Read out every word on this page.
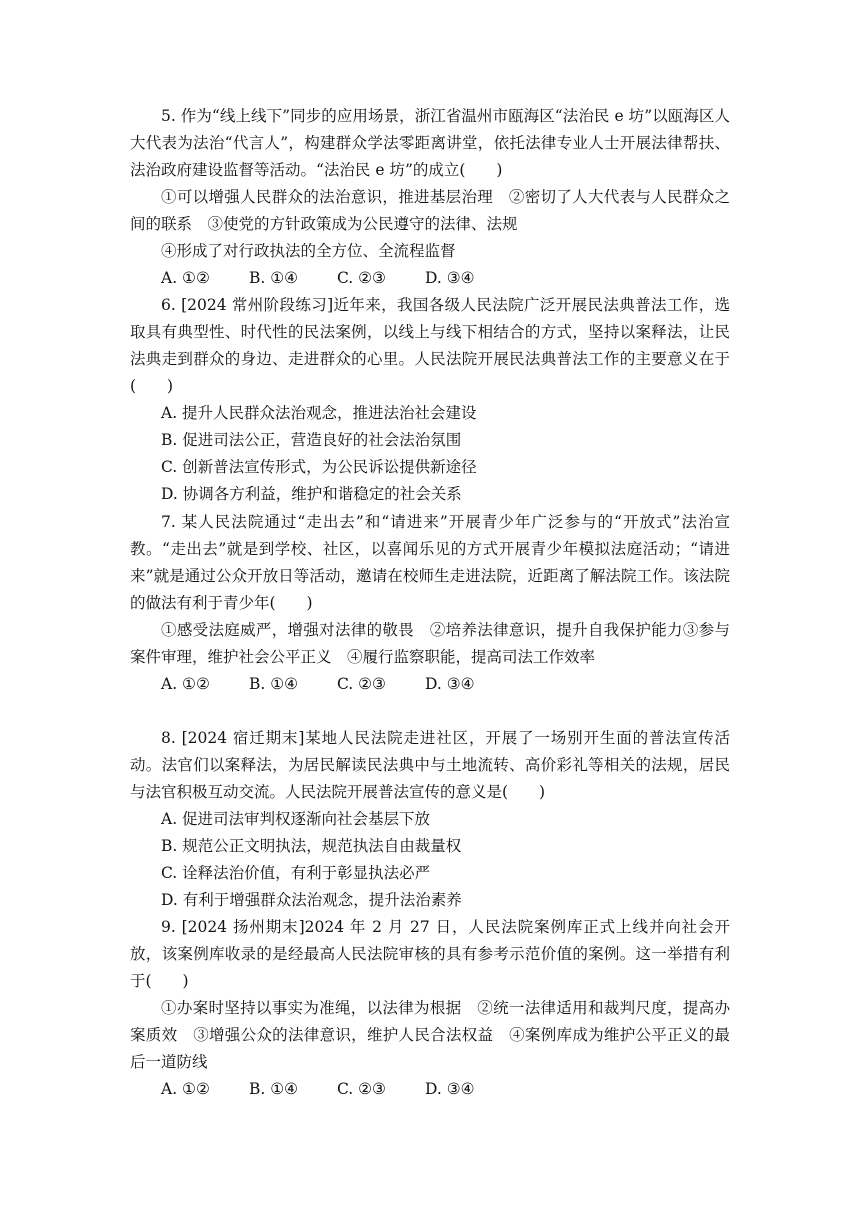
5. 作为“线上线下”同步的应用场景，浙江省温州市瓯海区“法治民 e 坊”以瓯海区人大代表为法治“代言人”，构建群众学法零距离讲堂，依托法律专业人士开展法律帮扶、法治政府建设监督等活动。“法治民 e 坊”的成立(　　)

①可以增强人民群众的法治意识，推进基层治理　②密切了人大代表与人民群众之间的联系　③使党的方针政策成为公民遵守的法律、法规

④形成了对行政执法的全方位、全流程监督

A. ①②	B. ①④	C. ②③	D. ③④

6. [2024 常州阶段练习]近年来，我国各级人民法院广泛开展民法典普法工作，选取具有典型性、时代性的民法案例，以线上与线下相结合的方式，坚持以案释法，让民法典走到群众的身边、走进群众的心里。人民法院开展民法典普法工作的主要意义在于(　　)

A. 提升人民群众法治观念，推进法治社会建设

B. 促进司法公正，营造良好的社会法治氛围

C. 创新普法宣传形式，为公民诉讼提供新途径

D. 协调各方利益，维护和谐稳定的社会关系

7. 某人民法院通过“走出去”和“请进来”开展青少年广泛参与的“开放式”法治宣教。“走出去”就是到学校、社区，以喜闻乐见的方式开展青少年模拟法庭活动；“请进来”就是通过公众开放日等活动，邀请在校师生走进法院，近距离了解法院工作。该法院的做法有利于青少年(　　)

①感受法庭威严，增强对法律的敬畏　②培养法律意识，提升自我保护能力③参与案件审理，维护社会公平正义　④履行监察职能，提高司法工作效率

A. ①②	B. ①④	C. ②③	D. ③④

8. [2024 宿迁期末]某地人民法院走进社区，开展了一场别开生面的普法宣传活动。法官们以案释法，为居民解读民法典中与土地流转、高价彩礼等相关的法规，居民与法官积极互动交流。人民法院开展普法宣传的意义是(　　)

A. 促进司法审判权逐渐向社会基层下放

B. 规范公正文明执法，规范执法自由裁量权

C. 诠释法治价值，有利于彰显执法必严

D. 有利于增强群众法治观念，提升法治素养

9. [2024 扬州期末]2024 年 2 月 27 日，人民法院案例库正式上线并向社会开放，该案例库收录的是经最高人民法院审核的具有参考示范价值的案例。这一举措有利于(　　)

①办案时坚持以事实为准绳，以法律为根据　②统一法律适用和裁判尺度，提高办案质效　③增强公众的法律意识，维护人民合法权益　④案例库成为维护公平正义的最后一道防线

A. ①②	B. ①④	C. ②③	D. ③④
